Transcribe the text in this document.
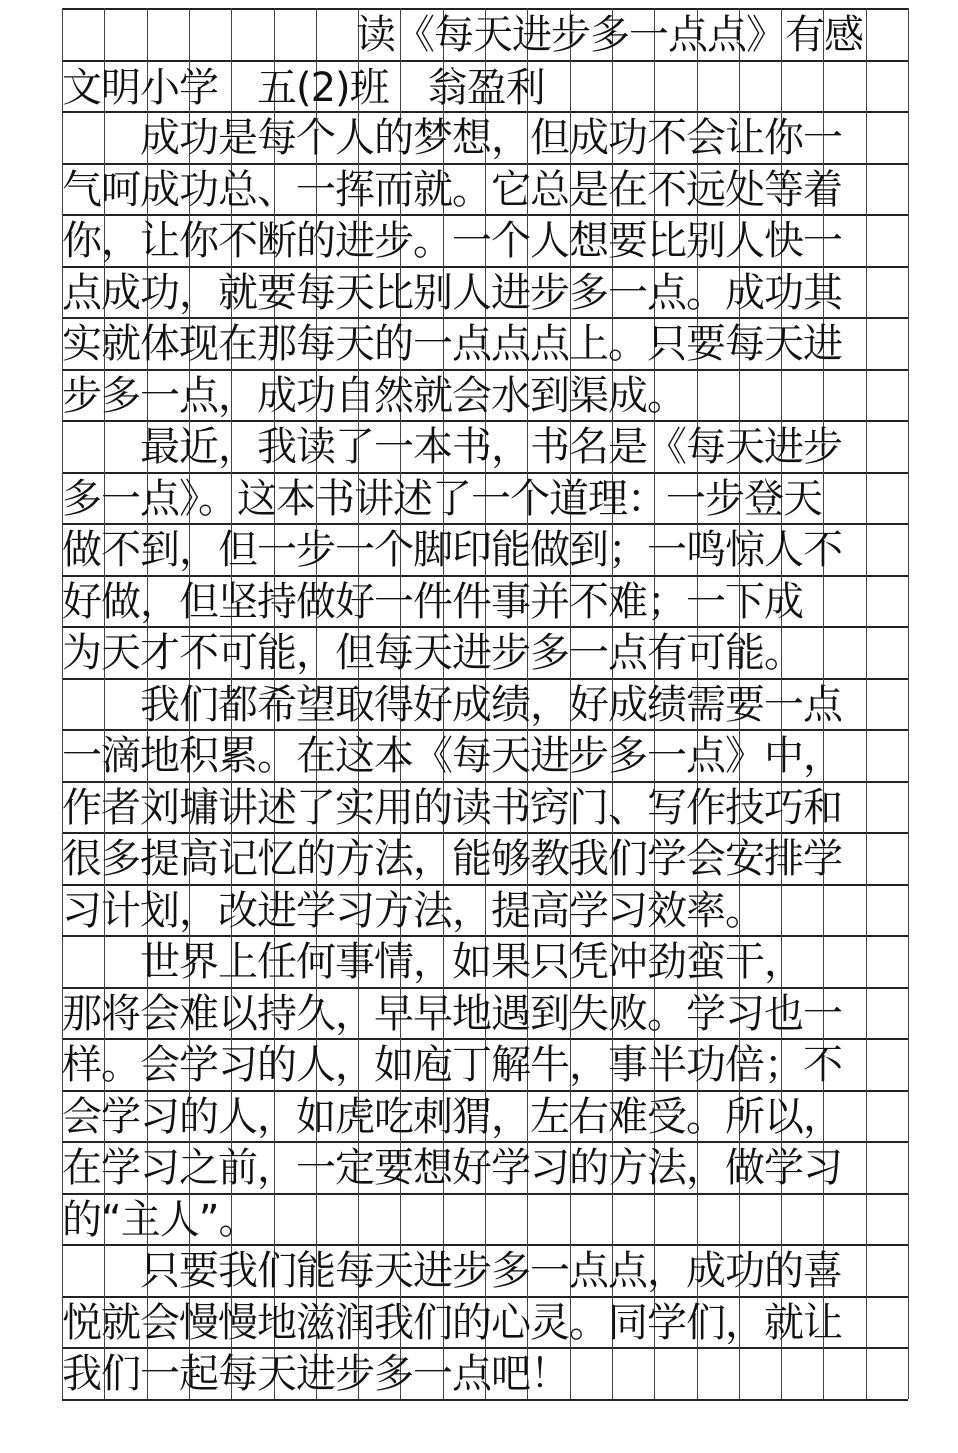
读《每天进步多一点点》有感
文明小学　五(2)班　翁盈利
　　成功是每个人的梦想，但成功不会让你一
气呵成功总、一挥而就。它总是在不远处等着
你，让你不断的进步。一个人想要比别人快一
点成功，就要每天比别人进步多一点。成功其
实就体现在那每天的一点点点上。只要每天进
步多一点，成功自然就会水到渠成。
　　最近，我读了一本书，书名是《每天进步
多一点》。这本书讲述了一个道理：一步登天
做不到，但一步一个脚印能做到；一鸣惊人不
好做，但坚持做好一件件事并不难；一下成
为天才不可能，但每天进步多一点有可能。
　　我们都希望取得好成绩，好成绩需要一点
一滴地积累。在这本《每天进步多一点》中，
作者刘墉讲述了实用的读书窍门、写作技巧和
很多提高记忆的方法，能够教我们学会安排学
习计划，改进学习方法，提高学习效率。
　　世界上任何事情，如果只凭冲劲蛮干，
那将会难以持久，早早地遇到失败。学习也一
样。会学习的人，如庖丁解牛，事半功倍；不
会学习的人，如虎吃刺猬，左右难受。所以，
在学习之前，一定要想好学习的方法，做学习
的“主人”。
　　只要我们能每天进步多一点点，成功的喜
悦就会慢慢地滋润我们的心灵。同学们，就让
我们一起每天进步多一点吧！
